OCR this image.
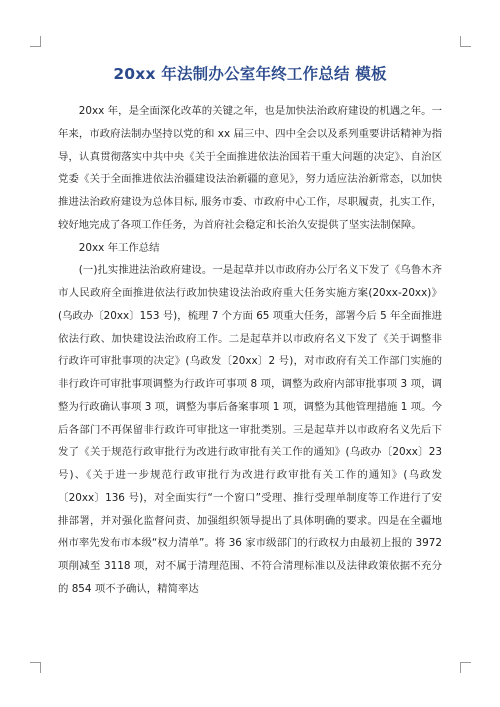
20xx 年法制办公室年终工作总结 模板

20xx 年，是全面深化改革的关键之年，也是加快法治政府建设的机遇之年。一年来，市政府法制办坚持以党的和 xx 届三中、四中全会以及系列重要讲话精神为指导，认真贯彻落实中共中央《关于全面推进依法治国若干重大问题的决定》、自治区党委《关于全面推进依法治疆建设法治新疆的意见》，努力适应法治新常态，以加快推进法治政府建设为总体目标, 服务市委、市政府中心工作，尽职履责，扎实工作，较好地完成了各项工作任务，为首府社会稳定和长治久安提供了坚实法制保障。

20xx 年工作总结

(一)扎实推进法治政府建设。一是起草并以市政府办公厅名义下发了《乌鲁木齐市人民政府全面推进依法行政加快建设法治政府重大任务实施方案(20xx-20xx)》(乌政办〔20xx〕153 号)，梳理 7 个方面 65 项重大任务，部署今后 5 年全面推进依法行政、加快建设法治政府工作。二是起草并以市政府名义下发了《关于调整非行政许可审批事项的决定》(乌政发〔20xx〕2 号)，对市政府有关工作部门实施的非行政许可审批事项调整为行政许可事项 8 项，调整为政府内部审批事项 3 项，调整为行政确认事项 3 项，调整为事后备案事项 1 项，调整为其他管理措施 1 项。今后各部门不再保留非行政许可审批这一审批类别。三是起草并以市政府名义先后下发了《关于规范行政审批行为改进行政审批有关工作的通知》(乌政办〔20xx〕23 号)、《关于进一步规范行政审批行为改进行政审批有关工作的通知》(乌政发〔20xx〕136 号)，对全面实行“一个窗口”受理、推行受理单制度等工作进行了安排部署，并对强化监督问责、加强组织领导提出了具体明确的要求。四是在全疆地州市率先发布市本级“权力清单”。将 36 家市级部门的行政权力由最初上报的 3972 项削减至 3118 项，对不属于清理范围、不符合清理标准以及法律政策依据不充分的 854 项不予确认，精简率达
